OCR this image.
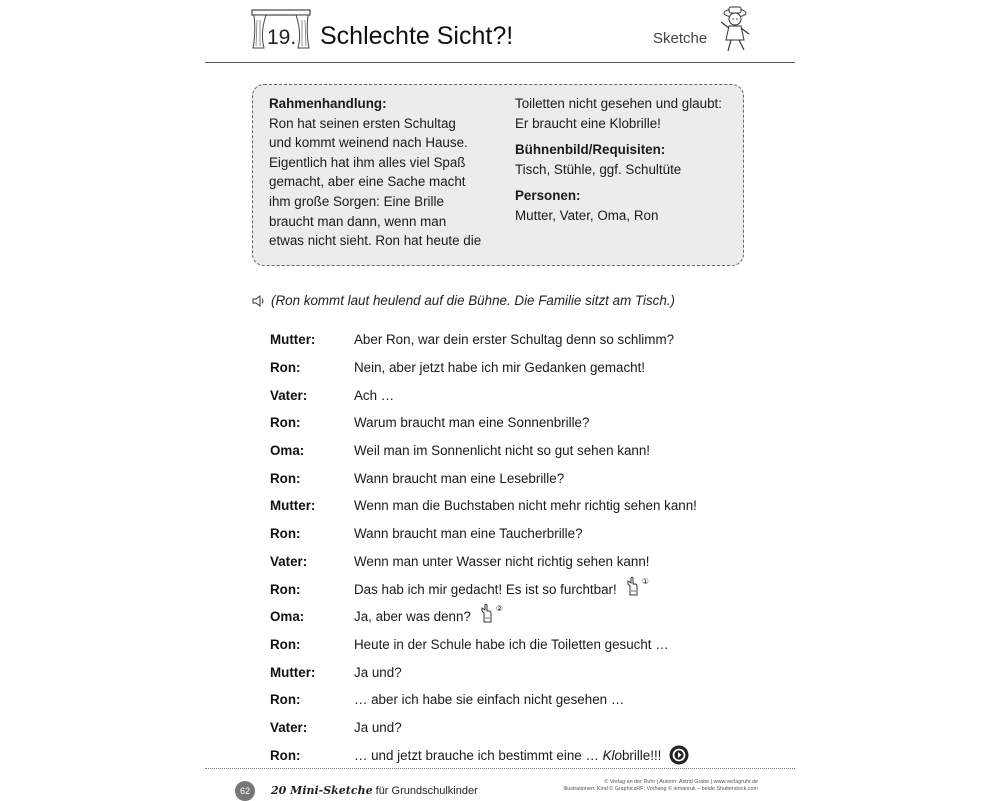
19. Schlechte Sicht?!	Sketche
Rahmenhandlung:
Ron hat seinen ersten Schultag
und kommt weinend nach Hause.
Eigentlich hat ihm alles viel Spaß
gemacht, aber eine Sache macht
ihm große Sorgen: Eine Brille
braucht man dann, wenn man
etwas nicht sieht. Ron hat heute die
Toiletten nicht gesehen und glaubt:
Er braucht eine Klobrille!
Bühnenbild/Requisiten:
Tisch, Stühle, ggf. Schultüte
Personen:
Mutter, Vater, Oma, Ron
(Ron kommt laut heulend auf die Bühne. Die Familie sitzt am Tisch.)
Mutter:	Aber Ron, war dein erster Schultag denn so schlimm?
Ron:	Nein, aber jetzt habe ich mir Gedanken gemacht!
Vater:	Ach …
Ron:	Warum braucht man eine Sonnenbrille?
Oma:	Weil man im Sonnenlicht nicht so gut sehen kann!
Ron:	Wann braucht man eine Lesebrille?
Mutter:	Wenn man die Buchstaben nicht mehr richtig sehen kann!
Ron:	Wann braucht man eine Taucherbrille?
Vater:	Wenn man unter Wasser nicht richtig sehen kann!
Ron:	Das hab ich mir gedacht! Es ist so furchtbar!
①
Oma:	Ja, aber was denn?
②
Ron:	Heute in der Schule habe ich die Toiletten gesucht …
Mutter:	Ja und?
Ron:	… aber ich habe sie einfach nicht gesehen …
Vater:	Ja und?
Ron:	… und jetzt brauche ich bestimmt eine … Klo brille!!!
62	20 Mini-Sketche für Grundschulkinder
© Verlag an der Ruhr | Autorin: Astrid Grabe | www.verlagruhr.de
Illustrationen: Kind © GraphicsRF; Vorhang © lemanruk – beide Shutterstock.com
